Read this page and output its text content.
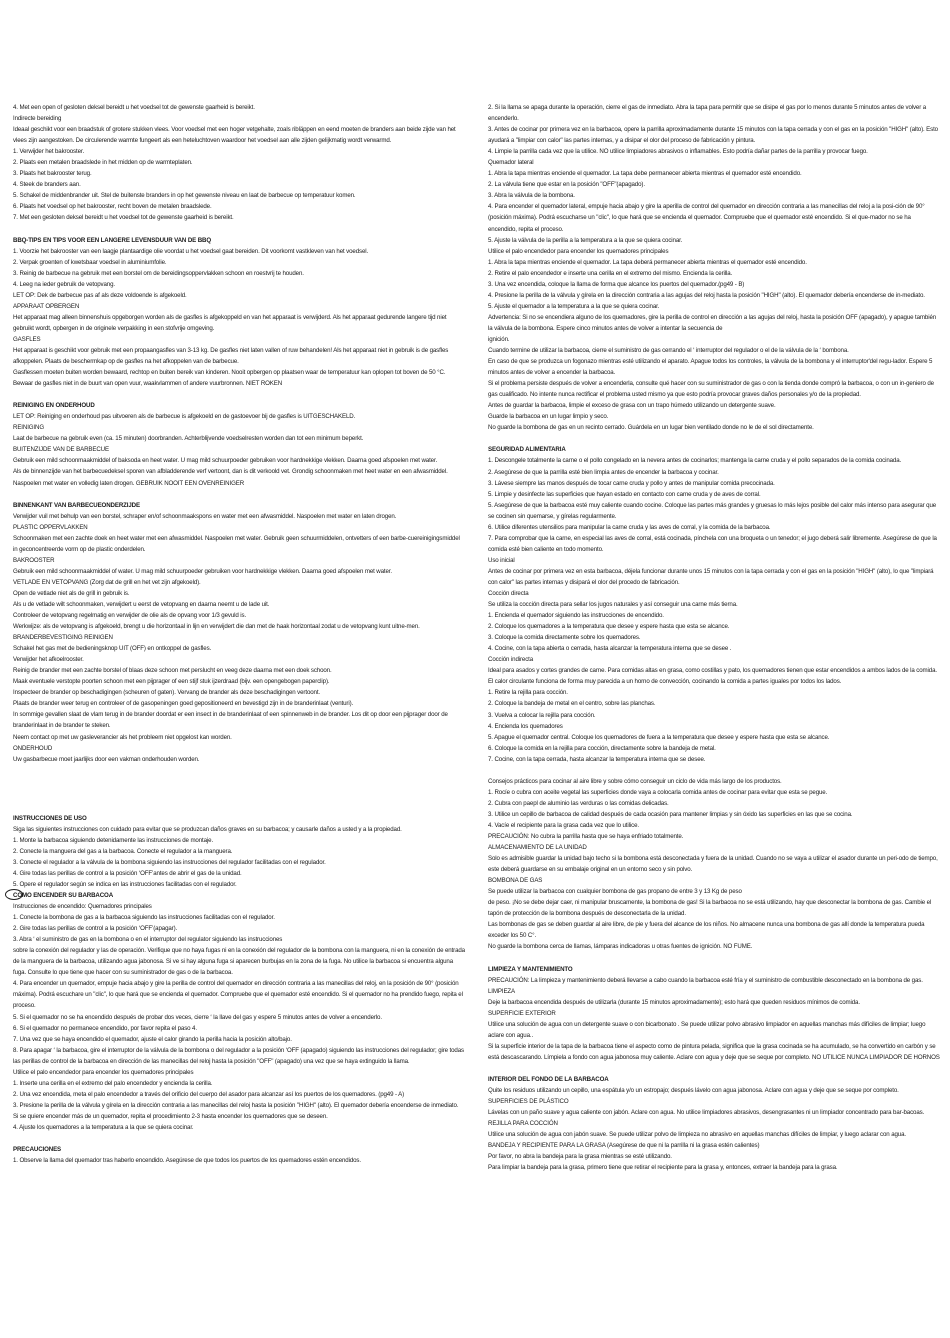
4. Met een open of gesloten deksel bereidt u het voedsel tot de gewenste gaarheid is bereikt.

Indirecte bereiding

Ideaal geschikt voor een braadstuk of grotere stukken vlees. Voor voedsel met een hoger vetgehalte, zoals ribläppen en eend moeten de branders aan beide zijde van het vlees zijn aangestoken. De circulerende warmte fungeert als een heteluchtoven waardoor het voedsel aan alle zijden gelijkmatig wordt verwarmd.

1. Verwijder het bakrooster.

2. Plaats een metalen braadslede in het midden op de warmteplaten.

3. Plaats het bakrooster terug.

4. Steek de branders aan.

5. Schakel de middenbrander uit. Stel de buitenste branders in op het gewenste niveau en laat de barbecue op temperatuur komen.

6. Plaats het voedsel op het bakrooster, recht boven de metalen braadslede.

7. Met een gesloten deksel bereidt u het voedsel tot de gewenste gaarheid is bereikt.

BBQ-TIPS EN TIPS VOOR EEN LANGERE LEVENSDUUR VAN DE BBQ

1. Voorzie het bakrooster van een laagje plantaardige olie voordat u het voedsel gaat bereiden. Dit voorkomt vastkleven van het voedsel.

2. Verpak groenten of kwetsbaar voedsel in aluminiumfolie.

3. Reinig de barbecue na gebruik met een borstel om de bereidingsoppervlakken schoon en roestvrij te houden.

4. Leeg na ieder gebruik de vetopvang.

LET OP: Dek de barbecue pas af als deze voldoende is afgekoeld.

APPARAAT OPBERGEN

Het apparaat mag alleen binnenshuis opgeborgen worden als de gasfles is afgekoppeld en van het apparaat is verwijderd. Als het apparaat gedurende langere tijd niet gebruikt wordt, opbergen in de originele verpakking in een stofvrije omgeving.

GASFLES

Het apparaat is geschikt voor gebruik met een propaangasfles van 3-13 kg. De gasfles niet laten vallen of ruw behandelen! Als het apparaat niet in gebruik is de gasfles afkoppelen. Plaats de beschermkap op de gasfles na het afkoppelen van de barbecue.

Gasflessen moeten buiten worden bewaard, rechtop en buiten bereik van kinderen. Nooit opbergen op plaatsen waar de temperatuur kan oplopen tot boven de 50 °C.

Bewaar de gasfles niet in de buurt van open vuur, waakvlammen of andere vuurbronnen. NIET ROKEN

REINIGING EN ONDERHOUD

LET OP: Reiniging en onderhoud pas uitvoeren als de barbecue is afgekoeld en de gastoevoer bij de gasfles is UITGESCHAKELD.

REINIGING

Laat de barbecue na gebruik even (ca. 15 minuten) doorbranden. Achterblijvende voedselresten worden dan tot een minimum beperkt.

BUITENZIJDE VAN DE BARBECUE

Gebruik een mild schoonmaakmiddel of baksoda en heet water. U mag mild schuurpoeder gebruiken voor hardnekkige vlekken. Daarna goed afspoelen met water.

Als de binnenzijde van het barbecuedeksel sporen van afbladderende verf vertoont, dan is dit verkoold vet. Grondig schoonmaken met heet water en een afwasmiddel. Naspoelen met water en volledig laten drogen. GEBRUIK NOOIT EEN OVENREINIGER

BINNENKANT VAN BARBECUEONDERZIJDE

Verwijder vuil met behulp van een borstel, schraper en/of schoonmaakspons en water met een afwasmiddel. Naspoelen met water en laten drogen.

PLASTIC OPPERVLAKKEN

Schoonmaken met een zachte doek en heet water met een afwasmiddel. Naspoelen met water. Gebruik geen schuurmiddelen, ontvetters of een barbe-cuereinigingsmiddel in geconcentreerde vorm op de plastic onderdelen.

BAKROOSTER

Gebruik een mild schoonmaakmiddel of water. U mag mild schuurpoeder gebruiken voor hardnekkige vlekken. Daarna goed afspoelen met water.

VETLADE EN VETOPVANG (Zorg dat de grill en het vet zijn afgekoeld).

Open de vetlade niet als de grill in gebruik is.

Als u de vetlade wilt schoonmaken, verwijdert u eerst de vetopvang en daarna neemt u de lade uit.

Controleer de vetopvang regelmatig en verwijder de olie als de opvang voor 1/3 gevuld is.

Werkwijze: als de vetopvang is afgekoeld, brengt u die horizontaal in lijn en verwijdert die dan met de haak horizontaal zodat u de vetopvang kunt uitne-men.

BRANDERBEVESTIGING REINIGEN

Schakel het gas met de bedieningsknop UIT (OFF) en ontkoppel de gasfles.

Verwijder het afkoelrooster.

Reinig de brander met een zachte borstel of blaas deze schoon met perslucht en veeg deze daarna met een doek schoon.

Maak eventuele verstopte poorten schoon met een pijprager of een stijf stuk ijzerdraad (bijv. een opengebogen paperclip).

Inspecteer de brander op beschadigingen (scheuren of gaten). Vervang de brander als deze beschadigingen vertoont.

Plaats de brander weer terug en controleer of de gasopeningen goed gepositioneerd en bevestigd zijn in de branderinlaat (venturi).

In sommige gevallen slaat de vlam terug in de brander doordat er een insect in de branderinlaat of een spinnenweb in de brander. Los dit op door een pijprager door de branderinlaat in de brander te steken.

Neem contact op met uw gasleverancier als het probleem niet opgelost kan worden.

ONDERHOUD

Uw gasbarbecue moet jaarlijks door een vakman onderhouden worden.

INSTRUCCIONES DE USO

Siga las siguientes instrucciones con cuidado para evitar que se produzcan daños graves en su barbacoa; y causarle daños a usted y a la propiedad.

1. Monte la barbacoa siguiendo detenidamente las instrucciones de montaje.

2. Conecte la manguera del gas a la barbacoa. Conecte el regulador a la manguera.

3. Conecte el regulador a la válvula de la bombona siguiendo las instrucciones del regulador facilitadas con el regulador.

4. Gire todas las perillas de control a la posición ‘OFF’antes de abrir el gas de la unidad.

5. Opere el regulador según se indica en las instrucciones facilitadas con el regulador.

CÓMO ENCENDER SU BARBACOA

Instrucciones de encendido: Quemadores principales

1. Conecte la bombona de gas a la barbacoa siguiendo las instrucciones facilitadas con el regulador.

2. Gire todas las perillas de control a la posición ‘OFF’(apagar).

3. Abra ‘ el suministro de gas en la bombona o en el interruptor del regulator siguiendo las instrucciones

sobre la conexión del regulador y las de operación. Verifique que no haya fugas ni en la conexión del regulador de la bombona con la manguera, ni en la conexión de entrada de la manguera de la barbacoa, utilizando agua jabonosa. Si ve si hay alguna fuga si aparecen burbujas en la zona de la fuga. No utilice la barbacoa si encuentra alguna fuga. Consulte lo que tiene que hacer con su suministrador de gas o de la barbacoa.

4. Para encender un quemador, empuje hacia abajo y gire la perilla de control del quemador en dirección contraria a las manecillas del reloj, en la posición de 90° (posición máxima). Podrá escuchare un "clic", lo que hará que se encienda el quemador. Compruebe que el quemador esté encendido. Si el quemador no ha prendido fuego, repita el proceso.

5. Si el quemador no se ha encendido después de probar dos veces, cierre ‘ la llave del gas y espere 5 minutos antes de volver a encenderlo.

6. Si el quemador no permanece encendido, por favor repita el paso 4.

7. Una vez que se haya encendido el quemador, ajuste el calor girando la perilla hacia la posición alto/bajo.

8. Para apagar ‘ la barbacoa, gire el interruptor de la válvula de la bombona o del regulador a la posición ‘OFF (apagado) siguiendo las instrucciones del regulador; gire todas las perillas de control de la barbacoa en dirección de las manecillas del reloj hasta la posición "OFF" (apagado) una vez que se haya extinguido la llama.

Utilice el palo encendedor para encender los quemadores principales

1. Inserte una cerilla en el extremo del palo encendedor y encienda la cerilla.

2. Una vez encendida, meta el palo encendedor a través del orificio del cuerpo del asador para alcanzar así los puertos de los quemadores. (pg49 - A)

3. Presione la perilla de la válvula y gírela en la dirección contraria a las manecillas del reloj hasta la posición "HIGH" (alto). El quemador debería encenderse de inmediato. Si se quiere encender más de un quemador, repita el procedimiento 2-3 hasta encender los quemadores que se deseen.

4. Ajuste los quemadores a la temperatura a la que se quiera cocinar.

PRECAUCIONES

1. Observe la llama del quemador tras haberlo encendido. Asegúrese de que todos los puertos de los quemadores estén encendidos.

2. Si la llama se apaga durante la operación, cierre el gas de inmediato. Abra la tapa para permitir que se disipe el gas por lo menos durante 5 minutos antes de volver a encenderlo.

3. Antes de cocinar por primera vez en la barbacoa, opere la parrilla aproximadamente durante 15 minutos con la tapa cerrada y con el gas en la posición "HIGH" (alto). Esto ayudará a "limpiar con calor" las partes internas, y a disipar el olor del proceso de fabricación y pintura.

4. Limpie la parrilla cada vez que la utilice. NO utilice limpiadores abrasivos o inflamables. Esto podría dañar partes de la parrilla y provocar fuego.

Quemador lateral

1. Abra la tapa mientras enciende el quemador. La tapa debe permanecer abierta mientras el quemador esté encendido.

2. La válvula tiene que estar en la posición "OFF"(apagado).

3. Abra la válvula de la bombona.

4. Para encender el quemador lateral, empuje hacia abajo y gire la aperilla de control del quemador en dirección contraria a las manecillas del reloj a la posi-ción de 90° (posición máxima). Podrá escucharse un "clic", lo que hará que se encienda el quemador. Compruebe que el quemador esté encendido. Si el que-mador no se ha encendido, repita el proceso.

5. Ajuste la válvula de la perilla a la temperatura a la que se quiera cocinar.

Utilice el palo encendedor para encender los quemadores principales

1. Abra la tapa mientras enciende el quemador. La tapa deberá permanecer abierta mientras el quemador esté encendido.

2. Retire el palo encendedor e inserte una cerilla en el extremo del mismo. Encienda la cerilla.

3. Una vez encendida, coloque la llama de forma que alcance los puertos del quemador.(pg49 - B)

4. Presione la perilla de la válvula y gírela en la dirección contraria a las agujas del reloj hasta la posición "HIGH" (alto). El quemador debería encenderse de in-mediato.

5. Ajuste el quemador a la temperatura a la que se quiera cocinar.

Advertencia: Si no se encendiera alguno de los quemadores, gire la perilla de control en dirección a las agujas del reloj, hasta la posición OFF (apagado), y apague también la válvula de la bombona. Espere cinco minutos antes de volver a intentar la secuencia de

ignición.

Cuando termine de utilizar la barbacoa, cierre el suministro de gas cerrando el ‘ interruptor del regulador o el de la válvula de la ‘ bombona.

En caso de que se produzca un fogonazo mientras esté utilizando el aparato. Apague todos los controles, la válvula de la bombona y el interruptor'del regu-lador. Espere 5 minutos antes de volver a encender la barbacoa.

Si el problema persiste después de volver a encenderla, consulte qué hacer con su suministrador de gas o con la tienda donde compró la barbacoa, o con un in-geniero de gas cualificado. No intente nunca rectificar el problema usted mismo ya que esto podría provocar graves daños personales y/o de la propiedad.

Antes de guardar la barbacoa, limpie el exceso de grasa con un trapo húmedo utilizando un detergente suave.

Guarde la barbacoa en un lugar limpio y seco.

No guarde la bombona de gas en un recinto cerrado. Guárdela en un lugar bien ventilado donde no le de el sol directamente.

SEGURIDAD ALIMENTARIA

1. Descongele totalmente la carne o el pollo congelado en la nevera antes de cocinarlos; mantenga la carne cruda y el pollo separados de la comida cocinada.

2. Asegúrese de que la parrilla esté bien limpia antes de encender la barbacoa y cocinar.

3. Lávese siempre las manos después de tocar carne cruda y pollo y antes de manipular comida precocinada.

5. Limpie y desinfecte las superficies que hayan estado en contacto con carne cruda y de aves de corral.

5. Asegúrese de que la barbacoa esté muy caliente cuando cocine. Coloque las partes más grandes y gruesas lo más lejos posible del calor más intenso para asegurar que se cocinen sin quemarse, y gírelas regularmente.

6. Utilice diferentes utensilios para manipular la carne cruda y las aves de corral, y la comida de la barbacoa.

7. Para comprobar que la carne, en especial las aves de corral, está cocinada, pínchela con una broqueta o un tenedor; el jugo deberá salir libremente. Asegúrese de que la comida esté bien caliente en todo momento.

Uso inicial

Antes de cocinar por primera vez en esta barbacoa, déjela funcionar durante unos 15 minutos con la tapa cerrada y con el gas en la posición "HIGH" (alto), lo que "limpiará con calor" las partes internas y disipará el olor del procedo de fabricación.

Cocción directa

Se utiliza la cocción directa para sellar los jugos naturales y así conseguir una carne más tierna.

1. Encienda el quemador siguiendo las instrucciones de encendido.

2. Coloque los quemadores a la temperatura que desee y espere hasta que esta se alcance.

3. Coloque la comida directamente sobre los quemadores.

4. Cocine, con la tapa abierta o cerrada, hasta alcanzar la temperatura interna que se desee .

Cocción indirecta

Ideal para asados y cortes grandes de carne. Para comidas altas en grasa, como costillas y pato, los quemadores tienen que estar encendidos a ambos lados de la comida. El calor circulante funciona de forma muy parecida a un horno de convección, cocinando la comida a partes iguales por todos los lados.

1. Retire la rejilla para cocción.

2. Coloque la bandeja de metal en el centro, sobre las planchas.

3. Vuelva a colocar la rejilla para cocción.

4. Encienda los quemadores

5. Apague el quemador central. Coloque los quemadores de fuera a la temperatura que desee y espere hasta que esta se alcance.

6. Coloque la comida en la rejilla para cocción, directamente sobre la bandeja de metal.

7. Cocine, con la tapa cerrada, hasta alcanzar la temperatura interna que se desee.

Consejos prácticos para cocinar al aire libre y sobre cómo conseguir un ciclo de vida más largo de los productos.

1. Rocíe o cubra con aceite vegetal las superficies donde vaya a colocarla comida antes de cocinar para evitar que esta se pegue.

2. Cubra con paepl de aluminio las verduras o las comidas delicadas.

3. Utilice un cepillo de barbacoa de calidad después de cada ocasión para mantener limpias y sin óxido las superficies en las que se cocina.

4. Vacíe el recipiente para la grasa cada vez que lo utilice.

PRECAUCIÓN: No cubra la parrilla hasta que se haya enfriado totalmente.

ALMACENAMIENTO DE LA UNIDAD

Solo es admisible guardar la unidad bajo techo si la bombona está desconectada y fuera de la unidad. Cuando no se vaya a utilizar el asador durante un peri-odo de tiempo, este deberá guardarse en su embalaje original en un entorno seco y sin polvo.

BOMBONA DE GAS

Se puede utilizar la barbacoa con cualquier bombona de gas propano de entre 3 y 13 Kg de peso

de peso. ¡No se debe dejar caer, ni manipular bruscamente, la bombona de gas! Si la barbacoa no se está utilizando, hay que desconectar la bombona de gas. Cambie el tapón de protección de la bombona después de desconectarla de la unidad.

Las bombonas de gas se deben guardar al aire libre, de pie y fuera del alcance de los niños. No almacene nunca una bombona de gas allí donde la temperatura pueda exceder los 50 C°.

No guarde la bombona cerca de llamas, lámparas indicadoras u otras fuentes de ignición. NO FUME.

LIMPIEZA Y MANTENIMIENTO

PRECAUCIÓN: La limpieza y mantenimiento deberá llevarse a cabo cuando la barbacoa esté fría y el suministro de combustible desconectado en la bombona de gas.

LIMPIEZA

Deje la barbacoa encendida después de utilizarla (durante 15 minutos aproximadamente); esto hará que queden residuos mínimos de comida.

SUPERFICIE EXTERIOR

Utilice una solución de agua con un detergente suave o con bicarbonato . Se puede utilizar polvo abrasivo limpiador en aquellas manchas más difíciles de limpiar; luego aclare con agua..

Si la superficie interior de la tapa de la barbacoa tiene el aspecto como de pintura pelada, significa que la grasa cocinada se ha acumulado, se ha convertido en carbón y se está descascarando. Límpiela a fondo con agua jabonosa muy caliente. Aclare con agua y deje que se seque por completo. NO UTILICE NUNCA LIMPIADOR DE HORNOS

INTERIOR DEL FONDO DE LA BARBACOA

Quite los residuos utilizando un cepillo, una espátula y/o un estropajo; después lávelo con agua jabonosa. Aclare con agua y deje que se seque por completo.

SUPERFICIES DE PLÁSTICO

Lávelas con un paño suave y agua caliente con jabón. Aclare con agua. No utilice limpiadores abrasivos, desengrasantes ni un limpiador concentrado para bar-bacoas.

REJILLA PARA COCCIÓN

Utilice una solución de agua con jabón suave. Se puede utilizar polvo de limpieza no abrasivo en aquellas manchas difíciles de limpiar, y luego aclarar con agua.

BANDEJA Y RECIPIENTE PARA LA GRASA (Asegúrese de que ni la parrilla ni la grasa estén calientes)

Por favor, no abra la bandeja para la grasa mientras se esté utilizando.

Para limpiar la bandeja para la grasa, primero tiene que retirar el recipiente para la grasa y, entonces, extraer la bandeja para la grasa.
